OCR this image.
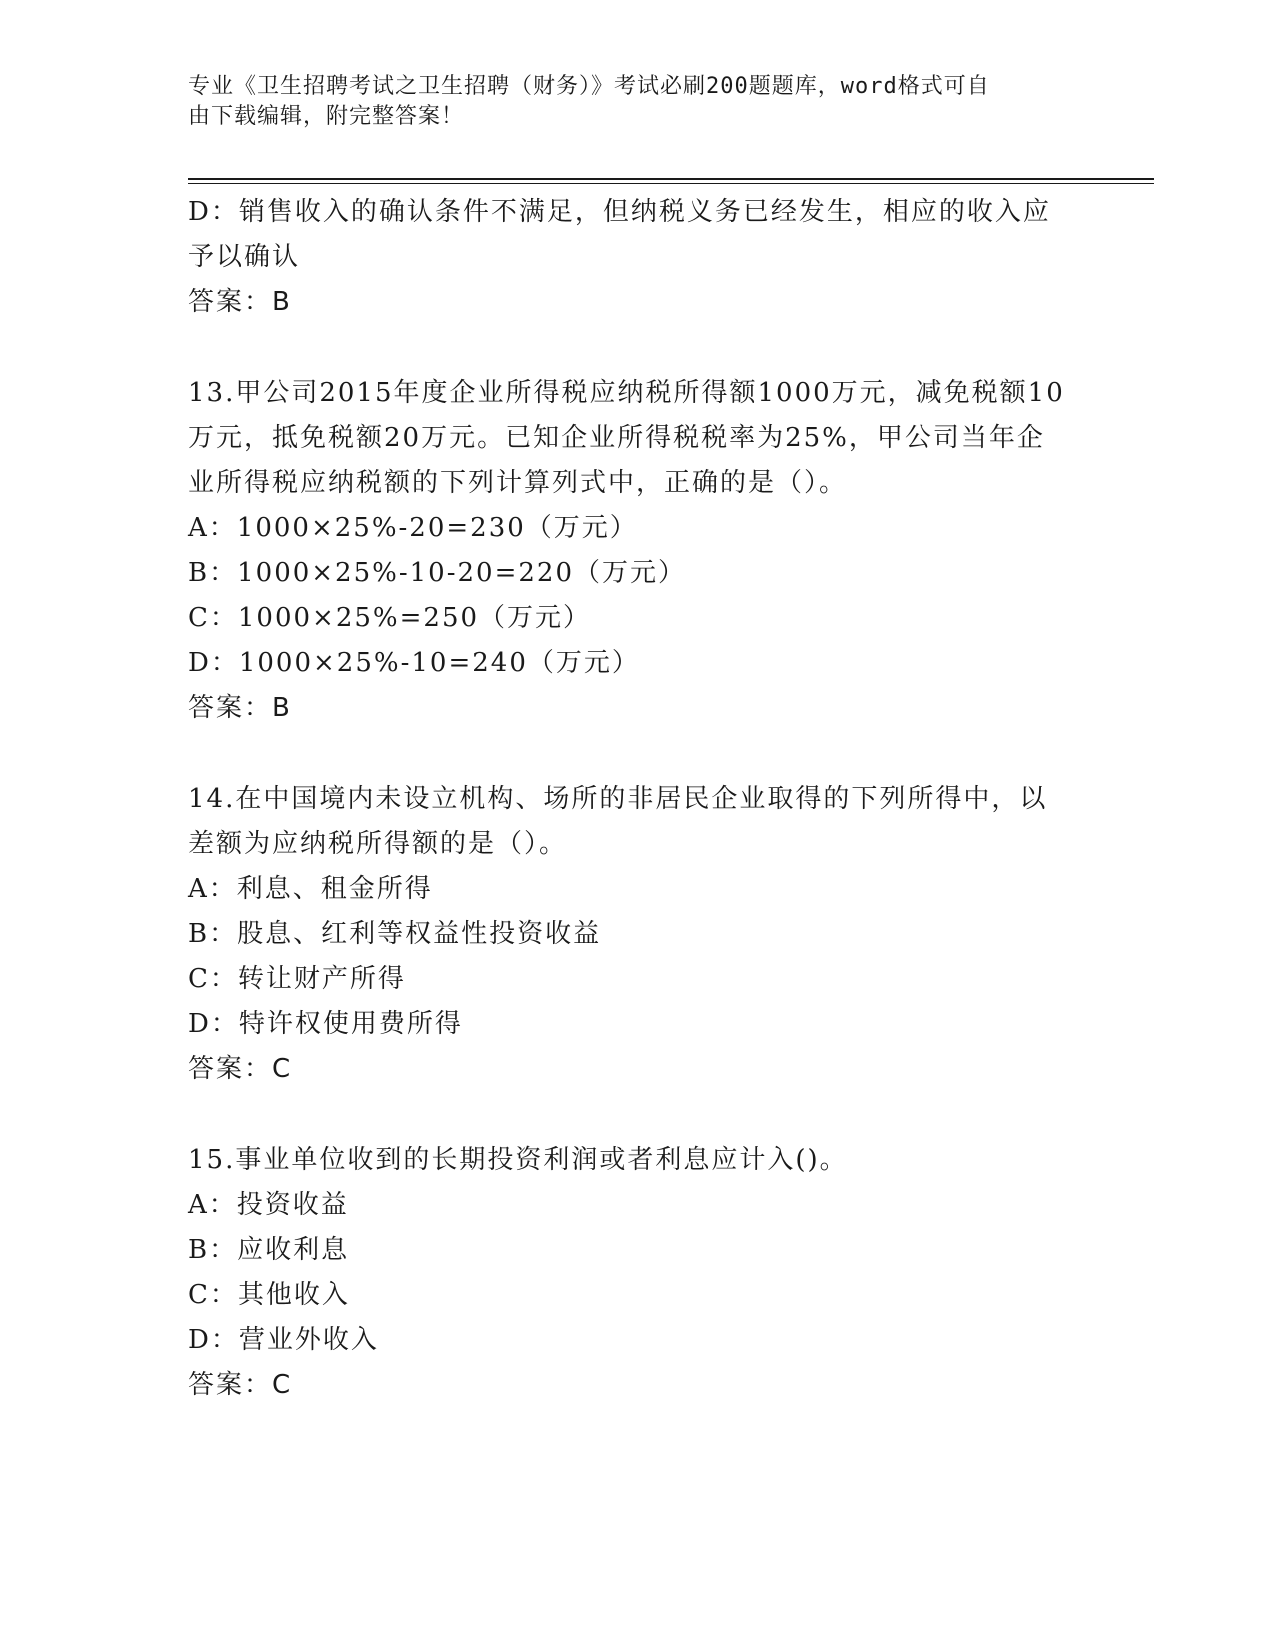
专业《卫生招聘考试之卫生招聘（财务）》考试必刷200题题库，word格式可自
由下载编辑，附完整答案！
D：销售收入的确认条件不满足，但纳税义务已经发生，相应的收入应
予以确认
答案：B
13.甲公司2015年度企业所得税应纳税所得额1000万元，减免税额10
万元，抵免税额20万元。已知企业所得税税率为25%，甲公司当年企
业所得税应纳税额的下列计算列式中，正确的是（）。
A：1000×25%-20=230（万元）
B：1000×25%-10-20=220（万元）
C：1000×25%=250（万元）
D：1000×25%-10=240（万元）
答案：B
14.在中国境内未设立机构、场所的非居民企业取得的下列所得中，以
差额为应纳税所得额的是（）。
A：利息、租金所得
B：股息、红利等权益性投资收益
C：转让财产所得
D：特许权使用费所得
答案：C
15.事业单位收到的长期投资利润或者利息应计入()。
A：投资收益
B：应收利息
C：其他收入
D：营业外收入
答案：C
